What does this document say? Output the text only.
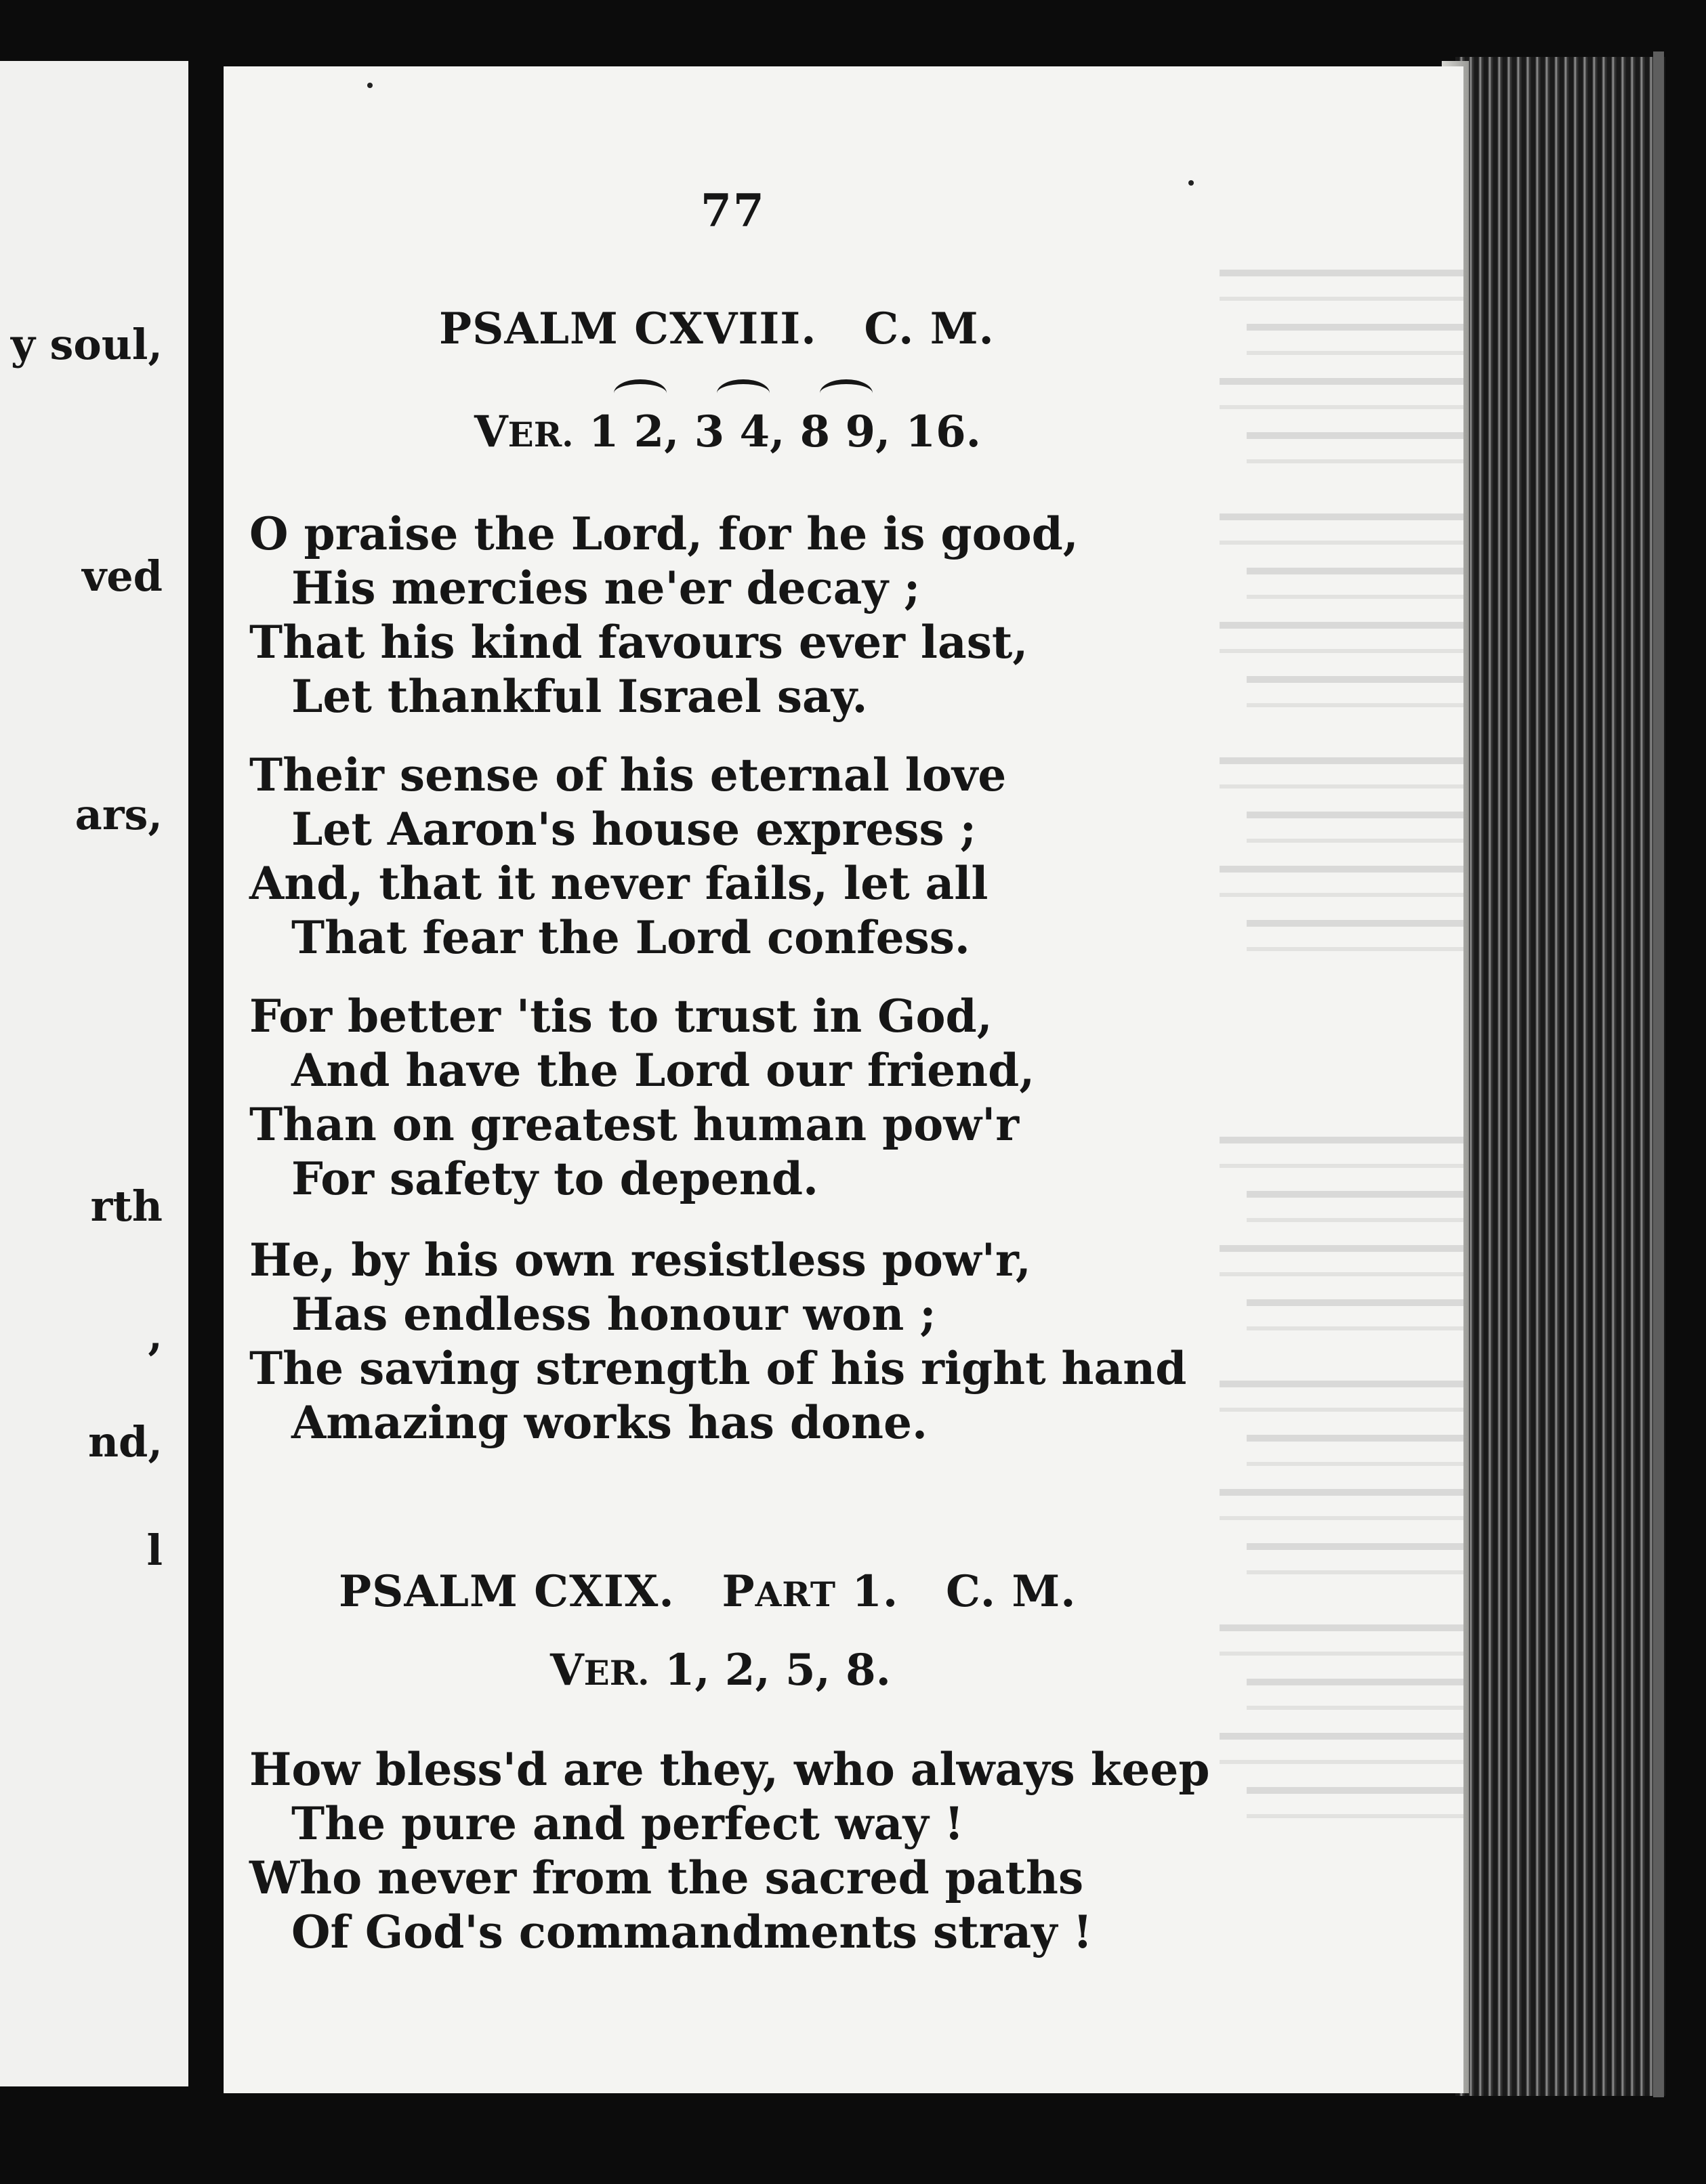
y soul,
ved
ars,
rth
,
nd,
l
77
PSALM CXVIII. C. M.
VER. 1 2, 3 4, 8 9, 16.
O praise the Lord, for he is good,
His mercies ne'er decay ;
That his kind favours ever last,
Let thankful Israel say.
Their sense of his eternal love
Let Aaron's house express ;
And, that it never fails, let all
That fear the Lord confess.
For better 'tis to trust in God,
And have the Lord our friend,
Than on greatest human pow'r
For safety to depend.
He, by his own resistless pow'r,
Has endless honour won ;
The saving strength of his right hand
Amazing works has done.
PSALM CXIX. PART 1. C. M.
VER. 1, 2, 5, 8.
How bless'd are they, who always keep
The pure and perfect way !
Who never from the sacred paths
Of God's commandments stray !
